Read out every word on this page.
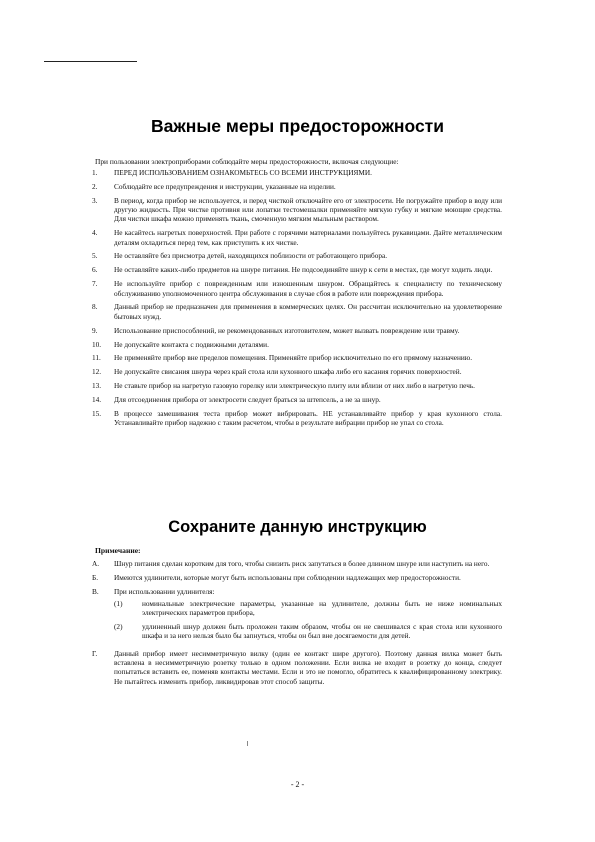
Важные меры предосторожности

При пользовании электроприборами соблюдайте меры предосторожности, включая следующие:

1.	ПЕРЕД ИСПОЛЬЗОВАНИЕМ ОЗНАКОМЬТЕСЬ СО ВСЕМИ ИНСТРУКЦИЯМИ.
2.	Соблюдайте все предупреждения и инструкции, указанные на изделии.
3.	В период, когда прибор не используется, и перед чисткой отключайте его от электросети. Не погружайте прибор в воду или другую жидкость. При чистке противня или лопатки тестомешалки применяйте мягкую губку и мягкие моющие средства. Для чистки шкафа можно применять ткань, смоченную мягким мыльным раствором.
4.	Не касайтесь нагретых поверхностей. При работе с горячими материалами пользуйтесь рукавицами. Дайте металлическим деталям охладиться перед тем, как приступить к их чистке.
5.	Не оставляйте без присмотра детей, находящихся поблизости от работающего прибора.
6.	Не оставляйте каких-либо предметов на шнуре питания. Не подсоединяйте шнур к сети в местах, где могут ходить люди.
7.	Не используйте прибор с поврежденным или изношенным шнуром. Обращайтесь к специалисту по техническому обслуживанию уполномоченного центра обслуживания в случае сбоя в работе или повреждения прибора.
8.	Данный прибор не предназначен для применения в коммерческих целях. Он рассчитан исключительно на удовлетворение бытовых нужд.
9.	Использование приспособлений, не рекомендованных изготовителем, может вызвать повреждение или травму.
10.	Не допускайте контакта с подвижными деталями.
11.	Не применяйте прибор вне пределов помещения. Применяйте прибор исключительно по его прямому назначению.
12.	Не допускайте свисания шнура через край стола или кухонного шкафа либо его касания горячих поверхностей.
13.	Не ставьте прибор на нагретую газовую горелку или электрическую плиту или вблизи от них либо в нагретую печь.
14.	Для отсоединения прибора от электросети следует браться за штепсель, а не за шнур.
15.	В процессе замешивания теста прибор может вибрировать. НЕ устанавливайте прибор у края кухонного стола. Устанавливайте прибор надежно с таким расчетом, чтобы в результате вибрации прибор не упал со стола.
Сохраните данную инструкцию

Примечание:

А.	Шнур питания сделан коротким для того, чтобы снизить риск запутаться в более длинном шнуре или наступить на него.
Б.	Имеются удлинители, которые могут быть использованы при соблюдении надлежащих мер предосторожности.
В.	При использовании удлинителя:
(1)	номинальные электрические параметры, указанные на удлинителе, должны быть не ниже номинальных электрических параметров прибора,
(2)	удлиненный шнур должен быть проложен таким образом, чтобы он не свешивался с края стола или кухонного шкафа и за него нельзя было бы запнуться, чтобы он был вне досягаемости для детей.
Г.	Данный прибор имеет несимметричную вилку (один ее контакт шире другого). Поэтому данная вилка может быть вставлена в несимметричную розетку только в одном положении. Если вилка не входит в розетку до конца, следует попытаться вставить ее, поменяв контакты местами. Если и это не помогло, обратитесь к квалифицированному электрику. Не пытайтесь изменить прибор, ликвидировав этот способ защиты.
- 2 -
